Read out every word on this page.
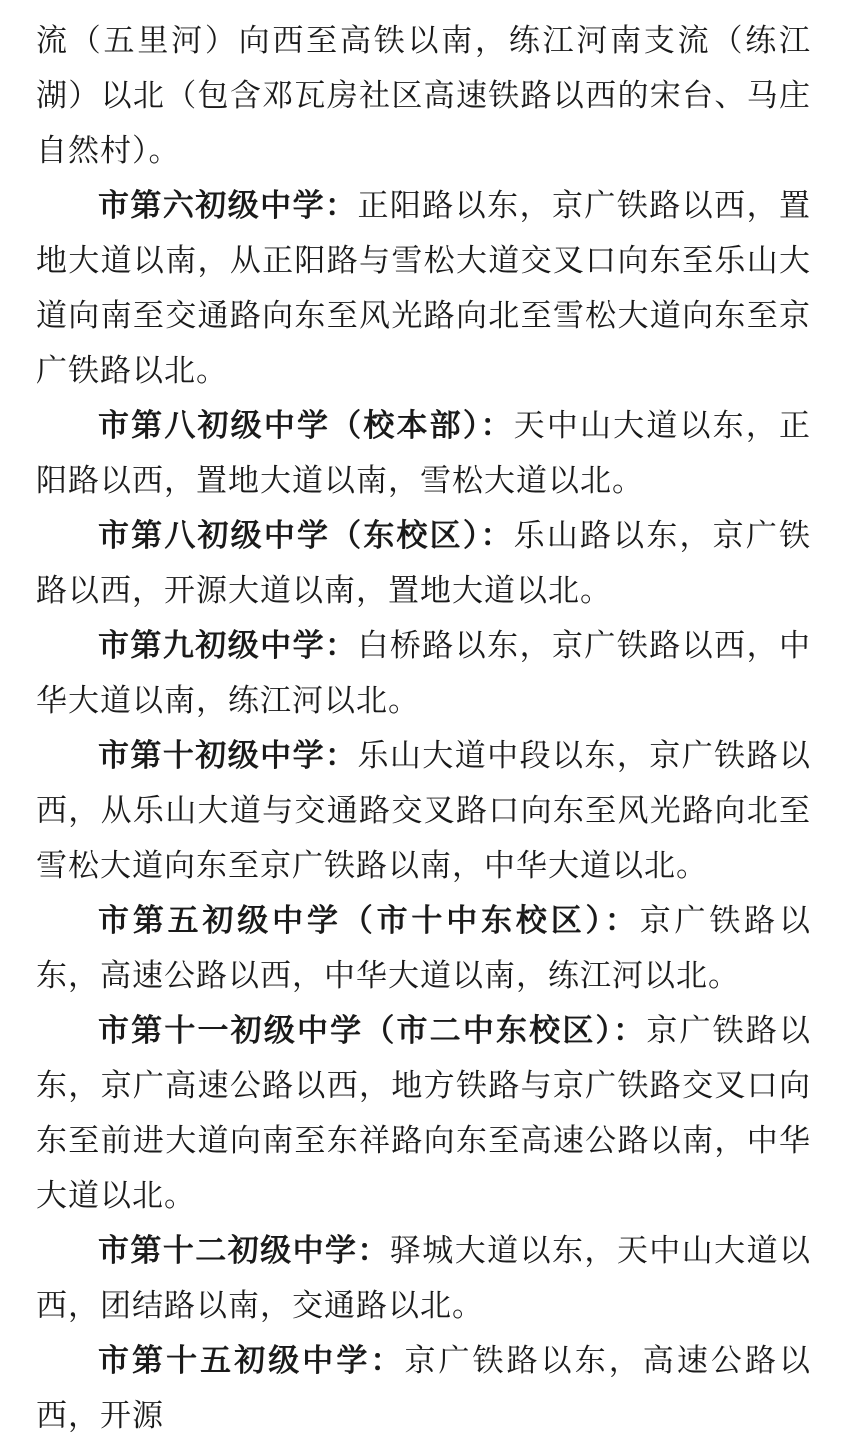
流（五里河）向西至高铁以南，练江河南支流（练江湖）以北（包含邓瓦房社区高速铁路以西的宋台、马庄自然村）。

市第六初级中学：正阳路以东，京广铁路以西，置地大道以南，从正阳路与雪松大道交叉口向东至乐山大道向南至交通路向东至风光路向北至雪松大道向东至京广铁路以北。

市第八初级中学（校本部）：天中山大道以东，正阳路以西，置地大道以南，雪松大道以北。

市第八初级中学（东校区）：乐山路以东，京广铁路以西，开源大道以南，置地大道以北。

市第九初级中学：白桥路以东，京广铁路以西，中华大道以南，练江河以北。

市第十初级中学：乐山大道中段以东，京广铁路以西，从乐山大道与交通路交叉路口向东至风光路向北至雪松大道向东至京广铁路以南，中华大道以北。

市第五初级中学（市十中东校区）：京广铁路以东，高速公路以西，中华大道以南，练江河以北。

市第十一初级中学（市二中东校区）：京广铁路以东，京广高速公路以西，地方铁路与京广铁路交叉口向东至前进大道向南至东祥路向东至高速公路以南，中华大道以北。

市第十二初级中学：驿城大道以东，天中山大道以西，团结路以南，交通路以北。

市第十五初级中学：京广铁路以东，高速公路以西，开源
